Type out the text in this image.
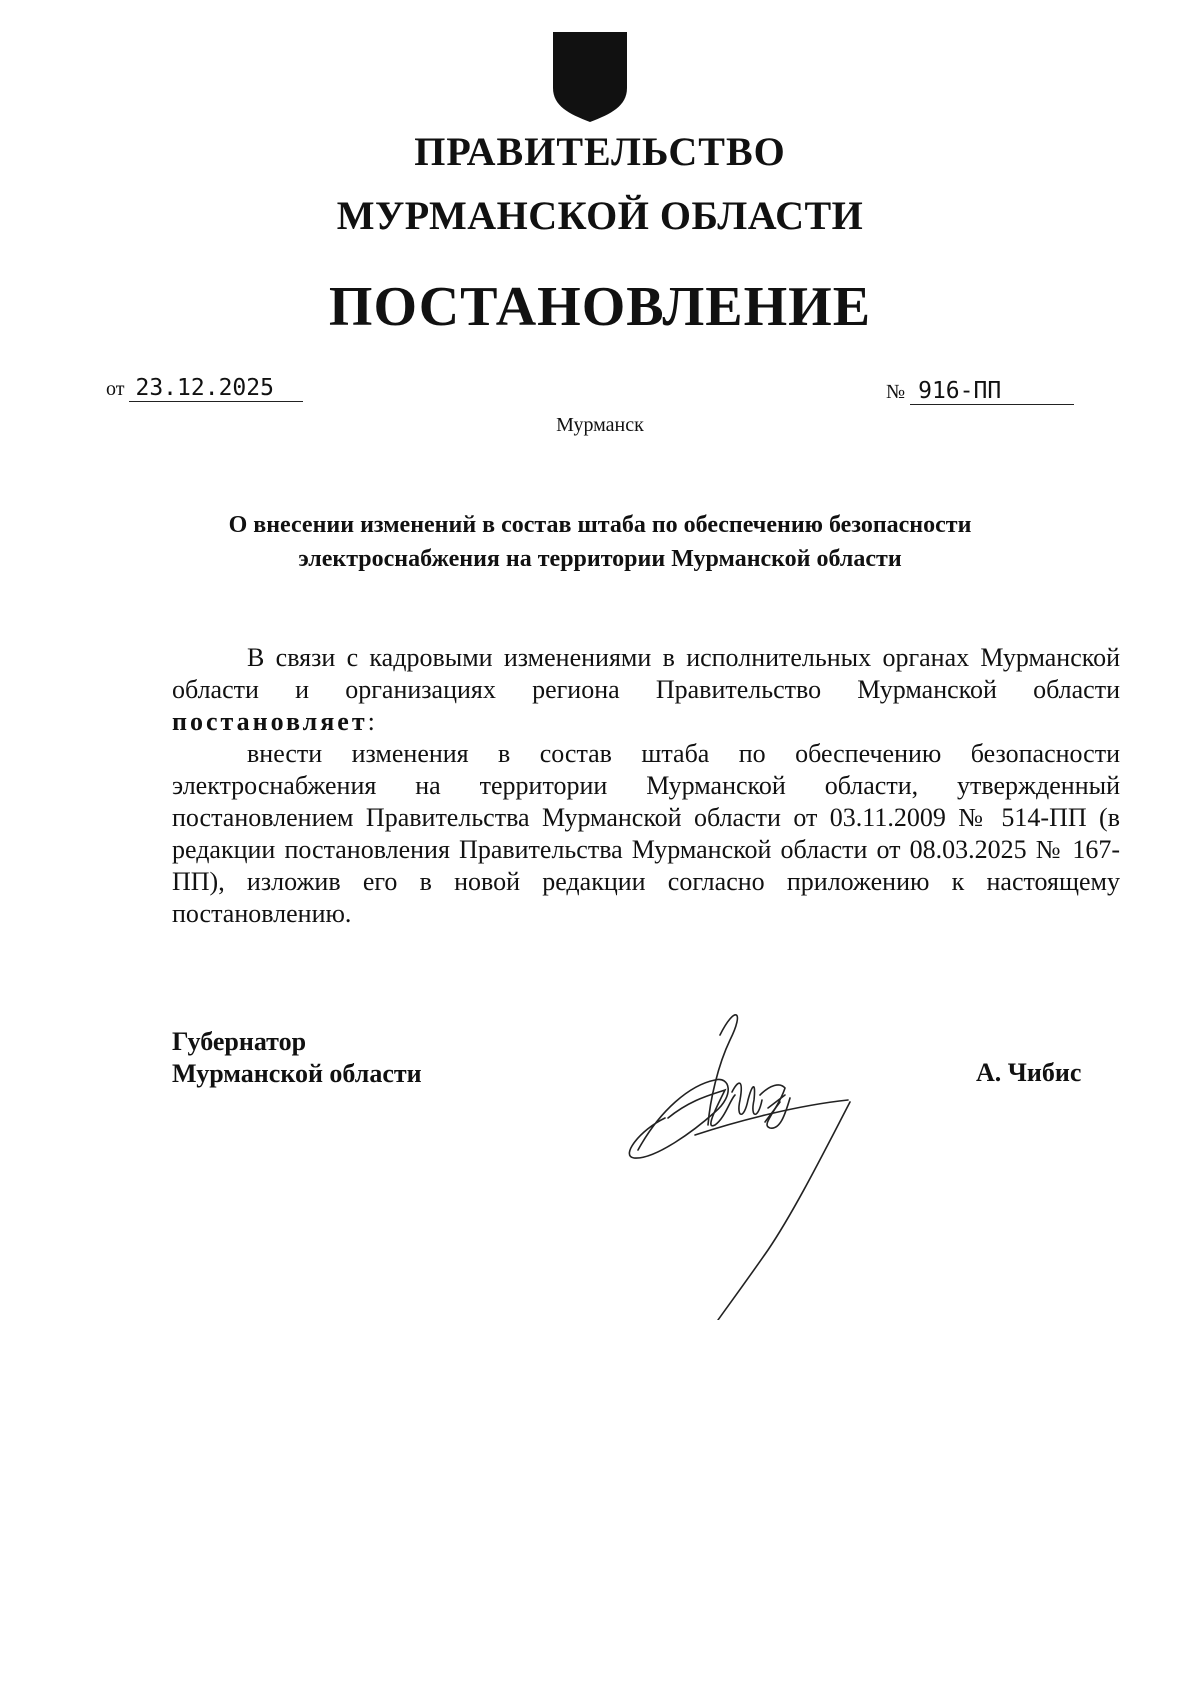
ПРАВИТЕЛЬСТВО
МУРМАНСКОЙ ОБЛАСТИ
ПОСТАНОВЛЕНИЕ
от 23.12.2025	№ 916-ПП
Мурманск
О внесении изменений в состав штаба по обеспечению безопасности
электроснабжения на территории Мурманской области
В связи с кадровыми изменениями в исполнительных органах Мурманской области и организациях региона Правительство Мурманской области постановляет:
внести изменения в состав штаба по обеспечению безопасности электроснабжения на территории Мурманской области, утвержденный постановлением Правительства Мурманской области от 03.11.2009 № 514-ПП (в редакции постановления Правительства Мурманской области от 08.03.2025 № 167-ПП), изложив его в новой редакции согласно приложению к настоящему постановлению.
Губернатор
Мурманской области	А. Чибис
